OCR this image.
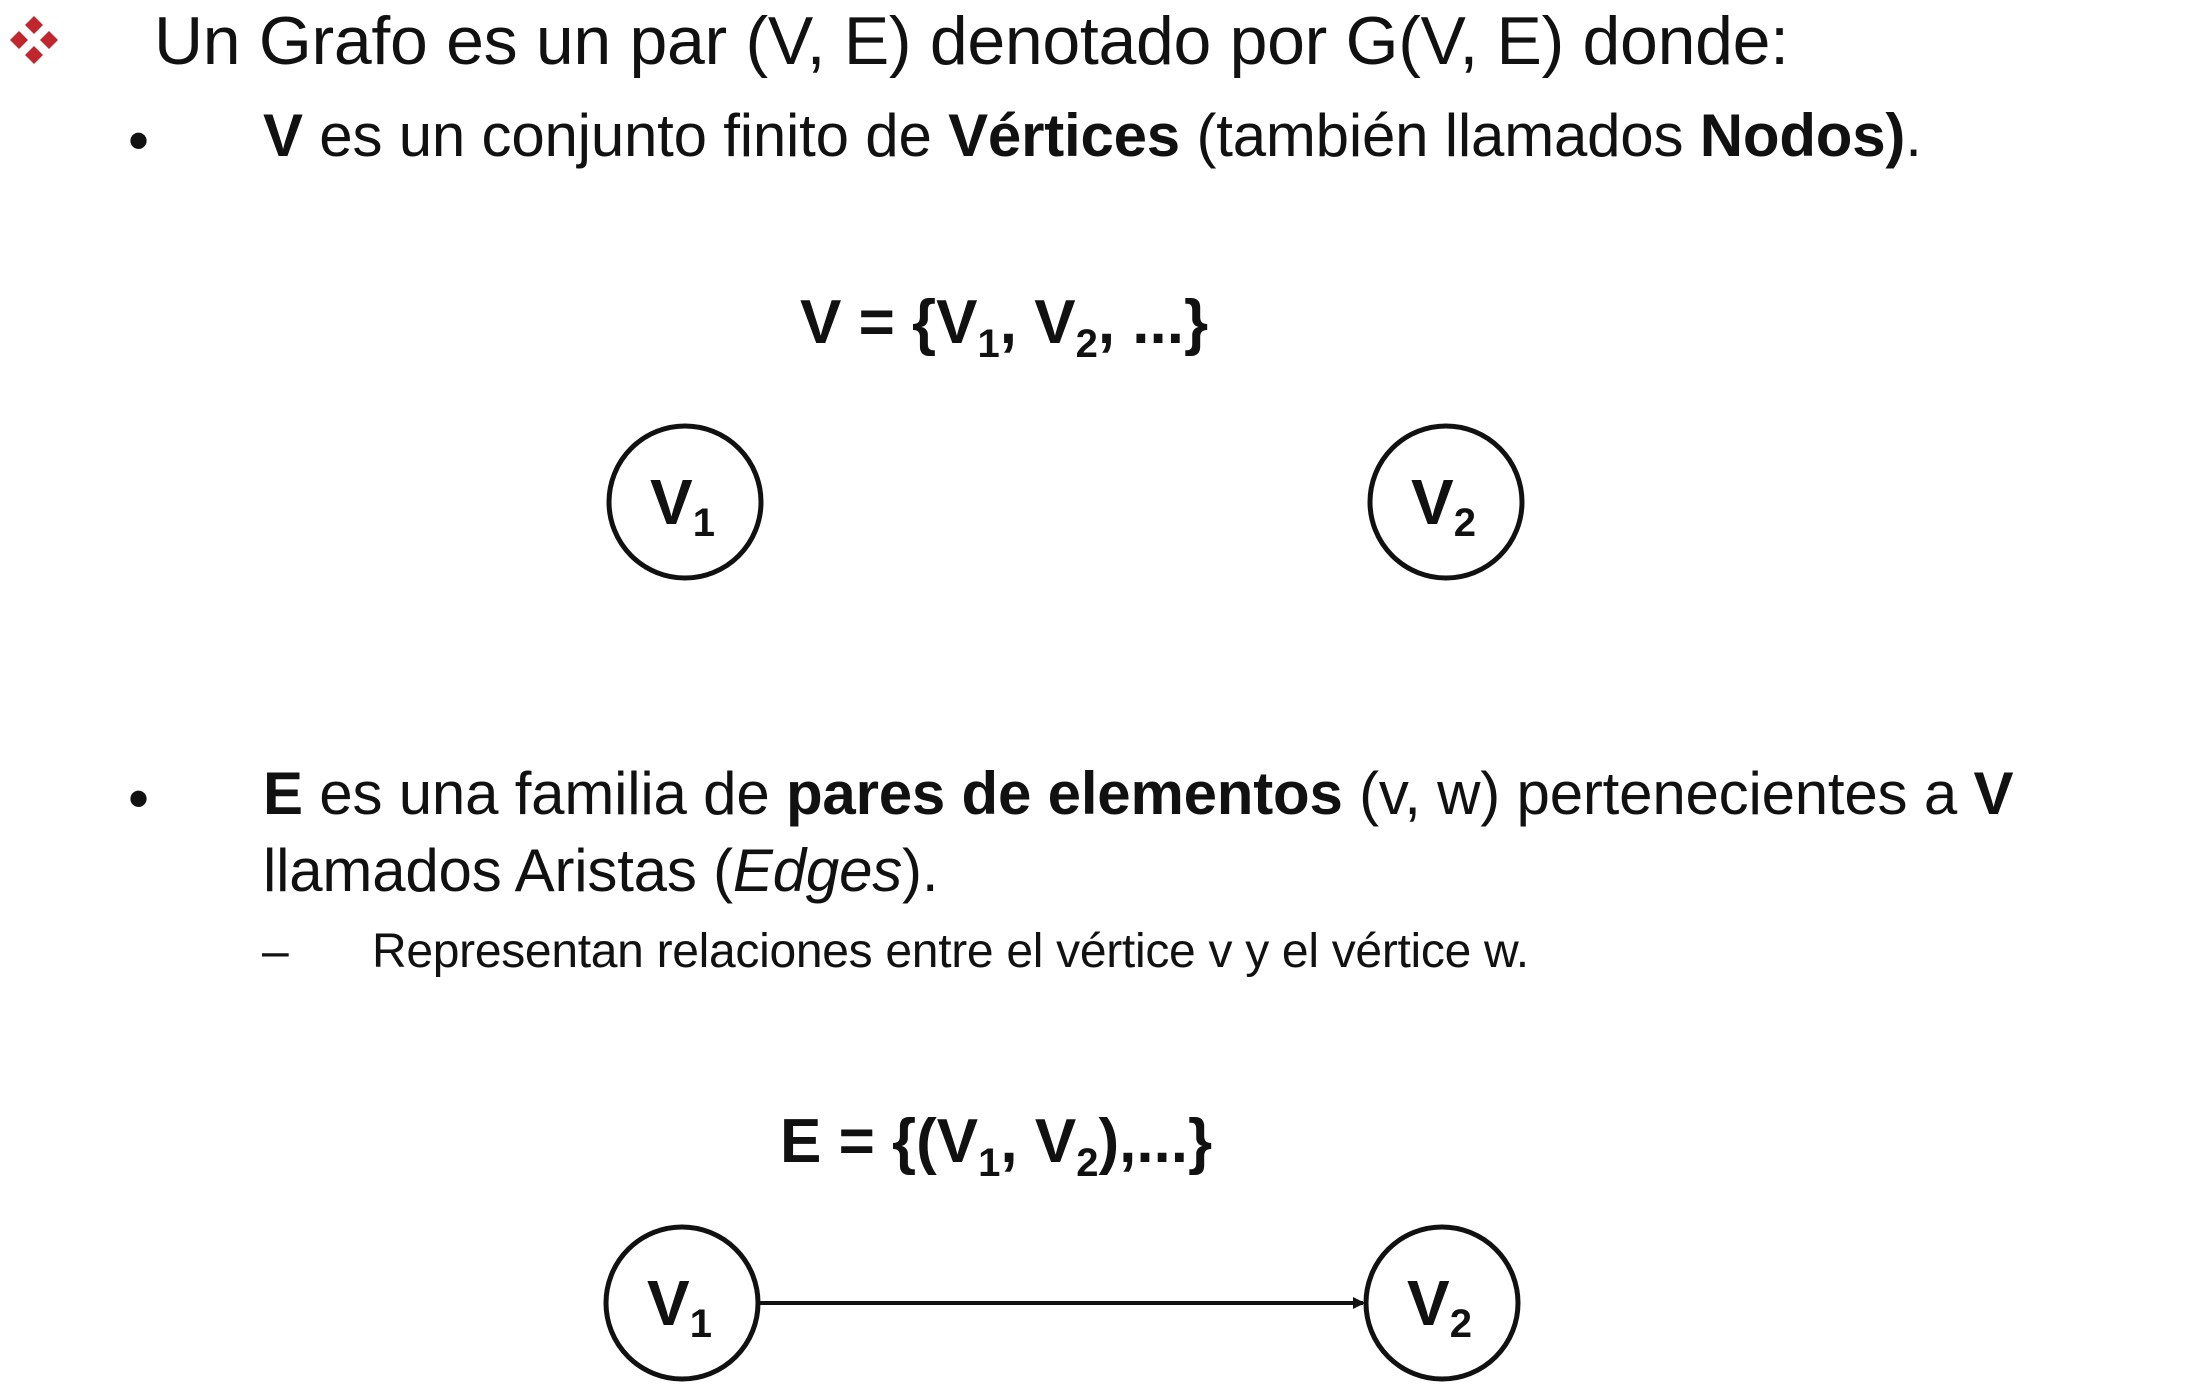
Un Grafo es un par (V, E) denotado por G(V, E) donde:
• V es un conjunto finito de Vértices (también llamados Nodos).
$V = \{V_1$, $V_2$, ...}
• E es una familia de pares de elementos (v, w) pertenecientes a V
llamados Aristas (Edges).
– Representan relaciones entre el vértice v y el vértice w.
$E = \{(V_1$, $V_2$),...}
V1	V2
V1	V2
